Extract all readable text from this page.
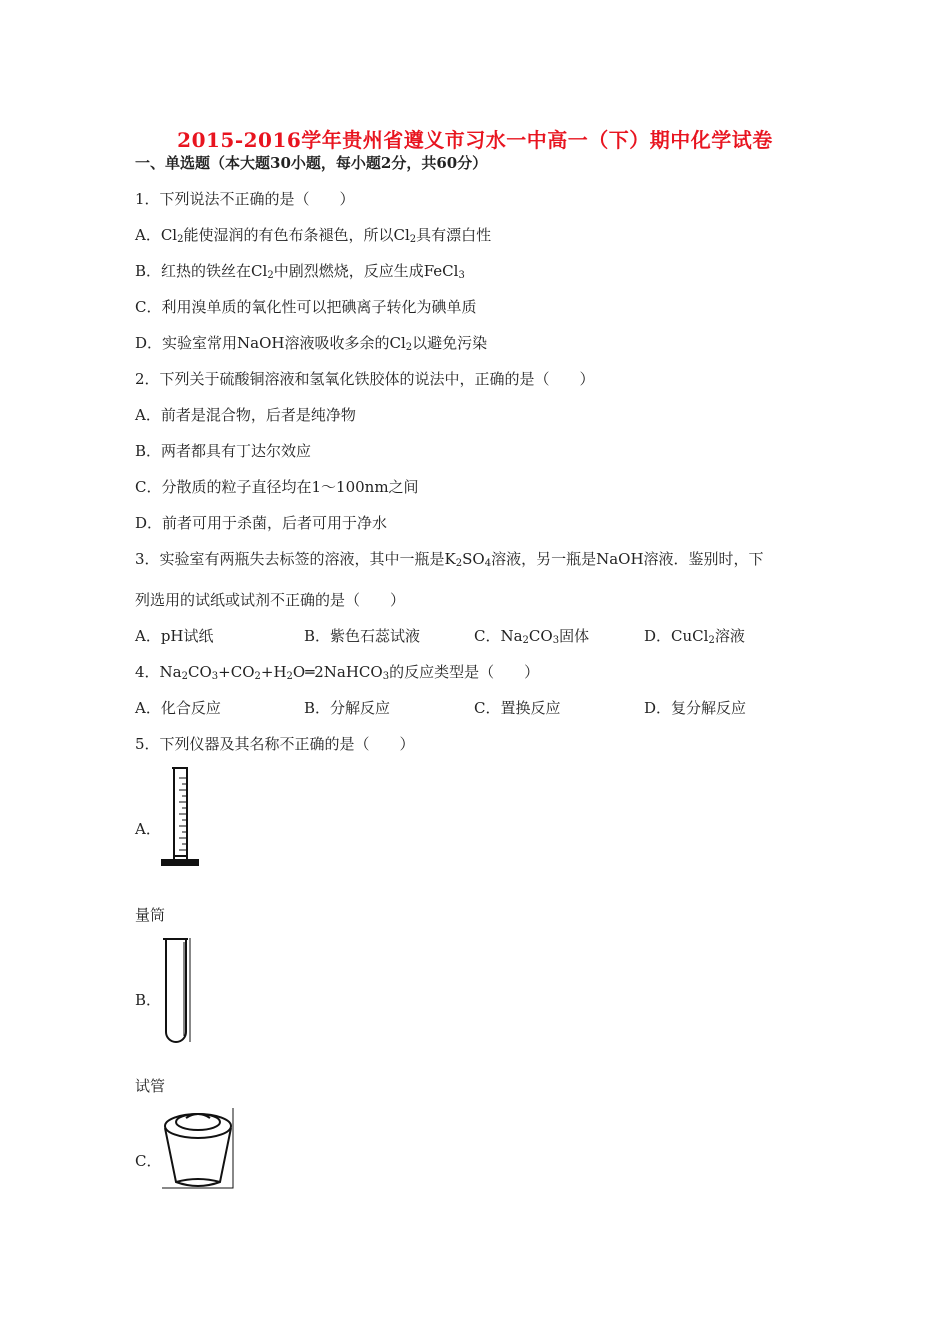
2015-2016学年贵州省遵义市习水一中高一（下）期中化学试卷
一、单选题（本大题30小题，每小题2分，共60分）
1．下列说法不正确的是（　　）
A．$Cl_2$能使湿润的有色布条褪色，所以$Cl_2$具有漂白性
B．红热的铁丝在$Cl_2$中剧烈燃烧，反应生成FeCl$_3$
C．利用溴单质的氧化性可以把碘离子转化为碘单质
D．实验室常用NaOH溶液吸收多余的$Cl_2$以避免污染
2．下列关于硫酸铜溶液和氢氧化铁胶体的说法中，正确的是（　　）
A．前者是混合物，后者是纯净物
B．两者都具有丁达尔效应
C．分散质的粒子直径均在1～100nm之间
D．前者可用于杀菌，后者可用于净水
3．实验室有两瓶失去标签的溶液，其中一瓶是$K_2SO_4$溶液，另一瓶是NaOH溶液．鉴别时，下
列选用的试纸或试剂不正确的是（　　）
A．pH试纸	B．紫色石蕊试液	C．$Na_2CO_3$固体	D．CuCl$_2$溶液
4．$Na_2CO_3+CO_2+H_2O═2NaHCO_3$的反应类型是（　　）
A．化合反应	B．分解反应	C．置换反应	D．复分解反应
5．下列仪器及其名称不正确的是（　　）
A．
量筒
B．
试管
C．
